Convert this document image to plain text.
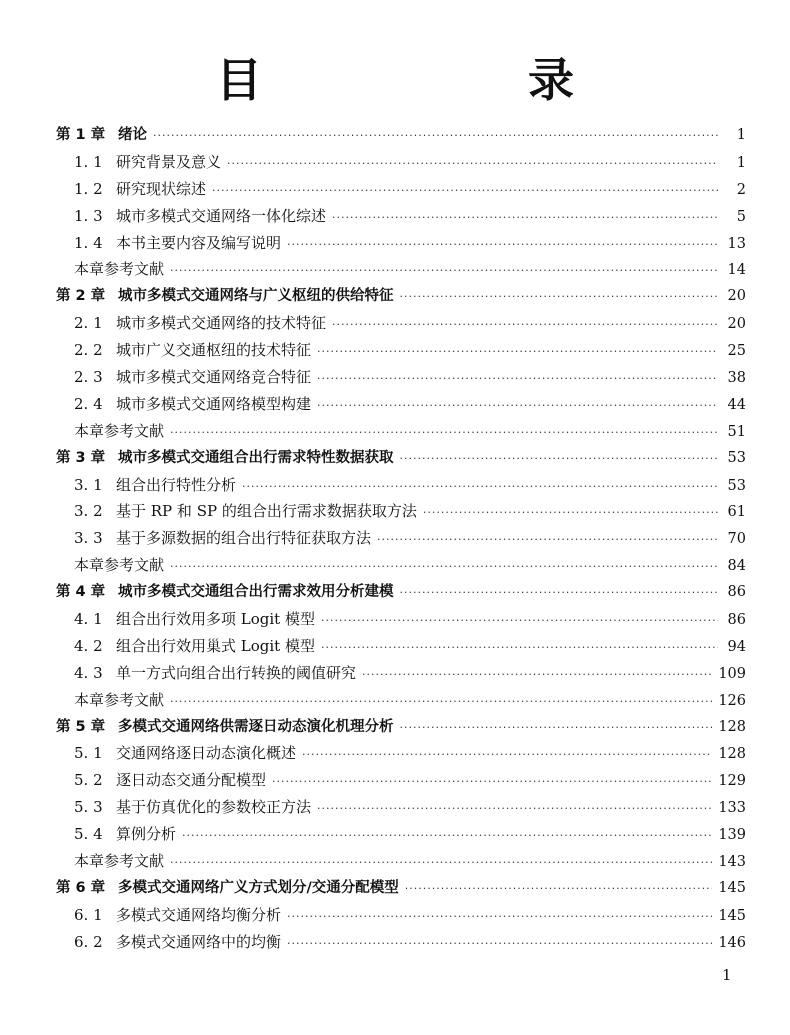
目　　录
第 1 章 绪论 ·····	1
1. 1 研究背景及意义 ·····	1
1. 2 研究现状综述 ·····	2
1. 3 城市多模式交通网络一体化综述 ·····	5
1. 4 本书主要内容及编写说明 ·····	13
本章参考文献 ·····	14
第 2 章 城市多模式交通网络与广义枢纽的供给特征 ·····	20
2. 1 城市多模式交通网络的技术特征 ·····	20
2. 2 城市广义交通枢纽的技术特征 ·····	25
2. 3 城市多模式交通网络竞合特征 ·····	38
2. 4 城市多模式交通网络模型构建 ·····	44
本章参考文献 ·····	51
第 3 章 城市多模式交通组合出行需求特性数据获取 ·····	53
3. 1 组合出行特性分析 ·····	53
3. 2 基于 RP 和 SP 的组合出行需求数据获取方法 ·····	61
3. 3 基于多源数据的组合出行特征获取方法 ·····	70
本章参考文献 ·····	84
第 4 章 城市多模式交通组合出行需求效用分析建模 ·····	86
4. 1 组合出行效用多项 Logit 模型 ·····	86
4. 2 组合出行效用巢式 Logit 模型 ·····	94
4. 3 单一方式向组合出行转换的阈值研究 ·····	109
本章参考文献 ·····	126
第 5 章 多模式交通网络供需逐日动态演化机理分析 ·····	128
5. 1 交通网络逐日动态演化概述 ·····	128
5. 2 逐日动态交通分配模型 ·····	129
5. 3 基于仿真优化的参数校正方法 ·····	133
5. 4 算例分析 ·····	139
本章参考文献 ·····	143
第 6 章 多模式交通网络广义方式划分/交通分配模型 ·····	145
6. 1 多模式交通网络均衡分析 ·····	145
6. 2 多模式交通网络中的均衡 ·····	146
1
